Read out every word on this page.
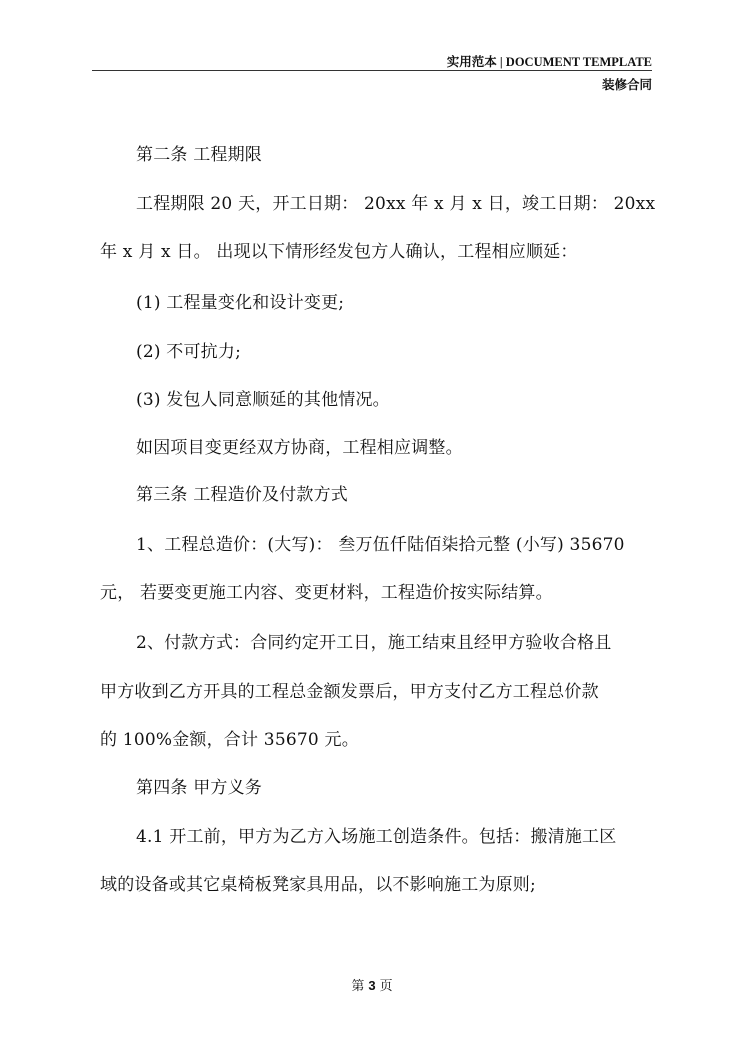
实用范本 | DOCUMENT TEMPLATE
装修合同
第二条 工程期限
工程期限 20 天，开工日期： 20xx 年 x 月 x 日，竣工日期： 20xx
年 x 月 x 日。 出现以下情形经发包方人确认，工程相应顺延：
(1) 工程量变化和设计变更;
(2) 不可抗力;
(3) 发包人同意顺延的其他情况。
如因项目变更经双方协商，工程相应调整。
第三条 工程造价及付款方式
1、工程总造价：(大写)： 叁万伍仟陆佰柒拾元整 (小写) 35670
元， 若要变更施工内容、变更材料，工程造价按实际结算。
2、付款方式：合同约定开工日，施工结束且经甲方验收合格且
甲方收到乙方开具的工程总金额发票后，甲方支付乙方工程总价款
的 100%金额，合计 35670 元。
第四条 甲方义务
4.1 开工前，甲方为乙方入场施工创造条件。包括：搬清施工区
域的设备或其它桌椅板凳家具用品，以不影响施工为原则;
第 3 页
